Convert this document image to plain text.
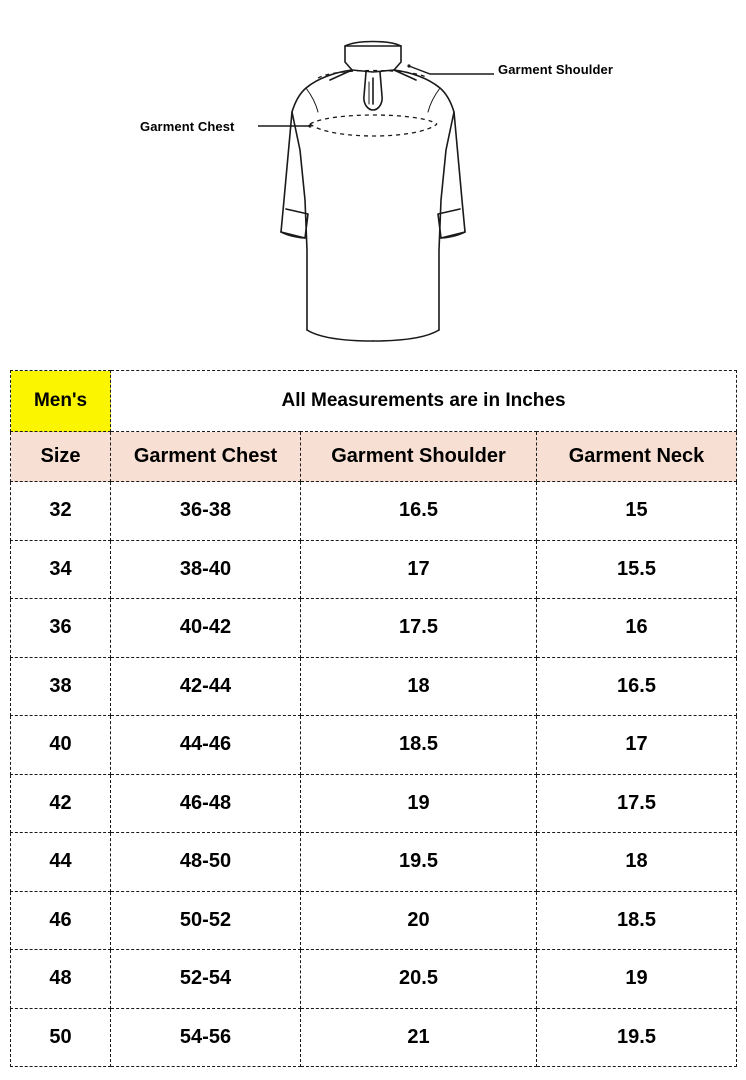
Garment Shoulder
Garment Chest
Men's	All Measurements are in Inches		
Size	Garment Chest	Garment Shoulder	Garment Neck
32	36-38	16.5	15
34	38-40	17	15.5
36	40-42	17.5	16
38	42-44	18	16.5
40	44-46	18.5	17
42	46-48	19	17.5
44	48-50	19.5	18
46	50-52	20	18.5
48	52-54	20.5	19
50	54-56	21	19.5
